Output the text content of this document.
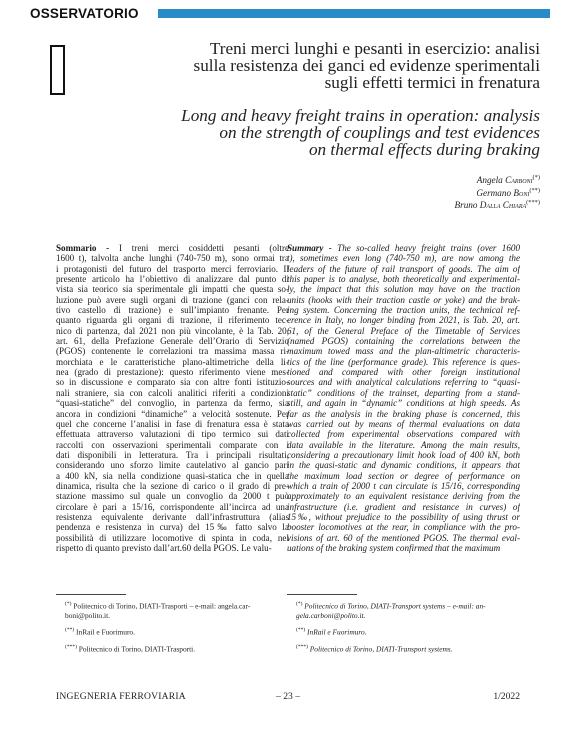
OSSERVATORIO
Treni merci lunghi e pesanti in esercizio: analisi
sulla resistenza dei ganci ed evidenze sperimentali
sugli effetti termici in frenatura
Long and heavy freight trains in operation: analysis
on the strength of couplings and test evidences
on thermal effects during braking
Angela Carboni(*)
Germano Boni(**)
Bruno Dalla Chiara(***)
Sommario - I treni merci cosiddetti pesanti (oltre
1600 t), talvolta anche lunghi (740-750 m), sono ormai tra
i protagonisti del futuro del trasporto merci ferroviario. Il
presente articolo ha l’obiettivo di analizzare dal punto di
vista sia teorico sia sperimentale gli impatti che questa so-
luzione può avere sugli organi di trazione (ganci con rela-
tivo castello di trazione) e sull’impianto frenante. Per
quanto riguarda gli organi di trazione, il riferimento tec-
nico di partenza, dal 2021 non più vincolante, è la Tab. 20,
art. 61, della Prefazione Generale dell’Orario di Servizio
(PGOS) contenente le correlazioni tra massima massa ri-
morchiata e le caratteristiche plano-altimetriche della li-
nea (grado di prestazione): questo riferimento viene mes-
so in discussione e comparato sia con altre fonti istituzio-
nali straniere, sia con calcoli analitici riferiti a condizioni
“quasi-statiche” del convoglio, in partenza da fermo, sia
ancora in condizioni “dinamiche” a velocità sostenute. Per
quel che concerne l’analisi in fase di frenatura essa è stata
effettuata attraverso valutazioni di tipo termico sui dati
raccolti con osservazioni sperimentali comparate con i
dati disponibili in letteratura. Tra i principali risultati,
considerando uno sforzo limite cautelativo al gancio pari
a 400 kN, sia nella condizione quasi-statica che in quella
dinamica, risulta che la sezione di carico o il grado di pre-
stazione massimo sul quale un convoglio da 2000 t può
circolare è pari a 15/16, corrispondente all’incirca ad una
resistenza equivalente derivante dall’infrastruttura (alias
pendenza e resistenza in curva) del 15‰ fatto salvo la
possibilità di utilizzare locomotive di spinta in coda, nel
rispetto di quanto previsto dall’art.60 della PGOS. Le valu-
Summary - The so-called heavy freight trains (over 1600
t), sometimes even long (740-750 m), are now among the
leaders of the future of rail transport of goods. The aim of
this paper is to analyse, both theoretically and experimental-
ly, the impact that this solution may have on the traction
units (hooks with their traction castle or yoke) and the brak-
ing system. Concerning the traction units, the technical ref-
erence in Italy, no longer binding from 2021, is Tab. 20, art.
61, of the General Preface of the Timetable of Services
(named PGOS) containing the correlations between the
maximum towed mass and the plan-altimetric characteris-
tics of the line (performance grade). This reference is ques-
tioned and compared with other foreign institutional
sources and with analytical calculations referring to “quasi-
static” conditions of the trainset, departing from a stand-
still, and again in “dynamic” conditions at high speeds. As
far as the analysis in the braking phase is concerned, this
was carried out by means of thermal evaluations on data
collected from experimental observations compared with
data available in the literature. Among the main results,
considering a precautionary limit hook load of 400 kN, both
in the quasi-static and dynamic conditions, it appears that
the maximum load section or degree of performance on
which a train of 2000 t can circulate is 15/16, corresponding
approximately to an equivalent resistance deriving from the
infrastructure (i.e. gradient and resistance in curves) of
15‰, without prejudice to the possibility of using thrust or
booster locomotives at the rear, in compliance with the pro-
visions of art. 60 of the mentioned PGOS. The thermal eval-
uations of the braking system confirmed that the maximum
(*) Politecnico di Torino, DIATI-Trasporti – e-mail: angela.car-
boni@polito.it.
(**) InRail e Fuorimuro.
(***) Politecnico di Torino, DIATI-Trasporti.
(*) Politecnico di Torino, DIATI-Transport systems – e-mail: an-
gela.carboni@polito.it.
(**) InRail e Fuorimuro.
(***) Politecnico di Torino, DIATI-Transport systems.
INGEGNERIA FERROVIARIA	– 23 –	1/2022
